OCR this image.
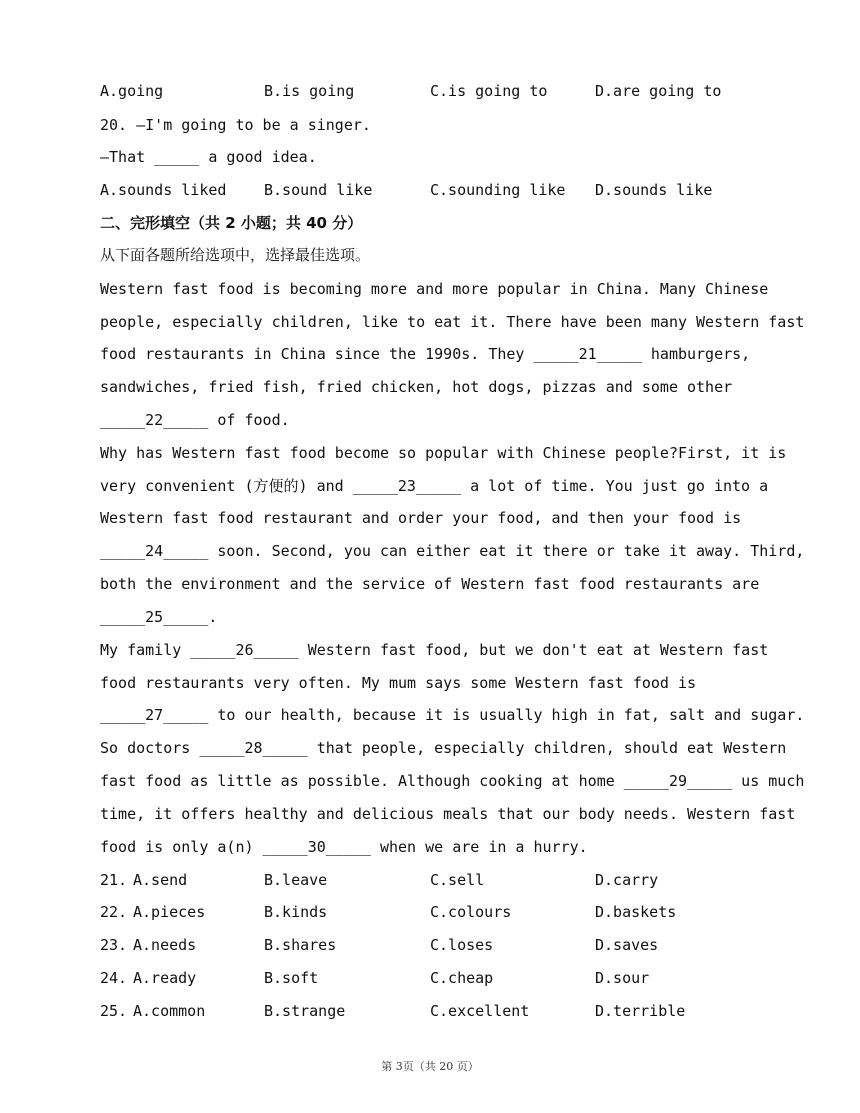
A.going	B.is going	C.is going to	D.are going to
20. —I'm going to be a singer.
—That _____ a good idea.
A.sounds liked	B.sound like	C.sounding like D.sounds like
二、完形填空（共 2 小题；共 40 分）
从下面各题所给选项中，选择最佳选项。
Western fast food is becoming more and more popular in China. Many Chinese
people, especially children, like to eat it. There have been many Western fast
food restaurants in China since the 1990s. They _____21_____ hamburgers,
sandwiches, fried fish, fried chicken, hot dogs, pizzas and some other
_____22_____ of food.
Why has Western fast food become so popular with Chinese people?First, it is
very convenient (方便的) and _____23_____ a lot of time. You just go into a
Western fast food restaurant and order your food, and then your food is
_____24_____ soon. Second, you can either eat it there or take it away. Third,
both the environment and the service of Western fast food restaurants are
_____25_____.
My family _____26_____ Western fast food, but we don't eat at Western fast
food restaurants very often. My mum says some Western fast food is
_____27_____ to our health, because it is usually high in fat, salt and sugar.
So doctors _____28_____ that people, especially children, should eat Western
fast food as little as possible. Although cooking at home _____29_____ us much
time, it offers healthy and delicious meals that our body needs. Western fast
food is only a(n) _____30_____ when we are in a hurry.
21. A.send	B.leave	C.sell	D.carry
22. A.pieces	B.kinds	C.colours	D.baskets
23. A.needs	B.shares	C.loses	D.saves
24. A.ready	B.soft	C.cheap	D.sour
25. A.common	B.strange	C.excellent	D.terrible
第 3页（共 20 页）
